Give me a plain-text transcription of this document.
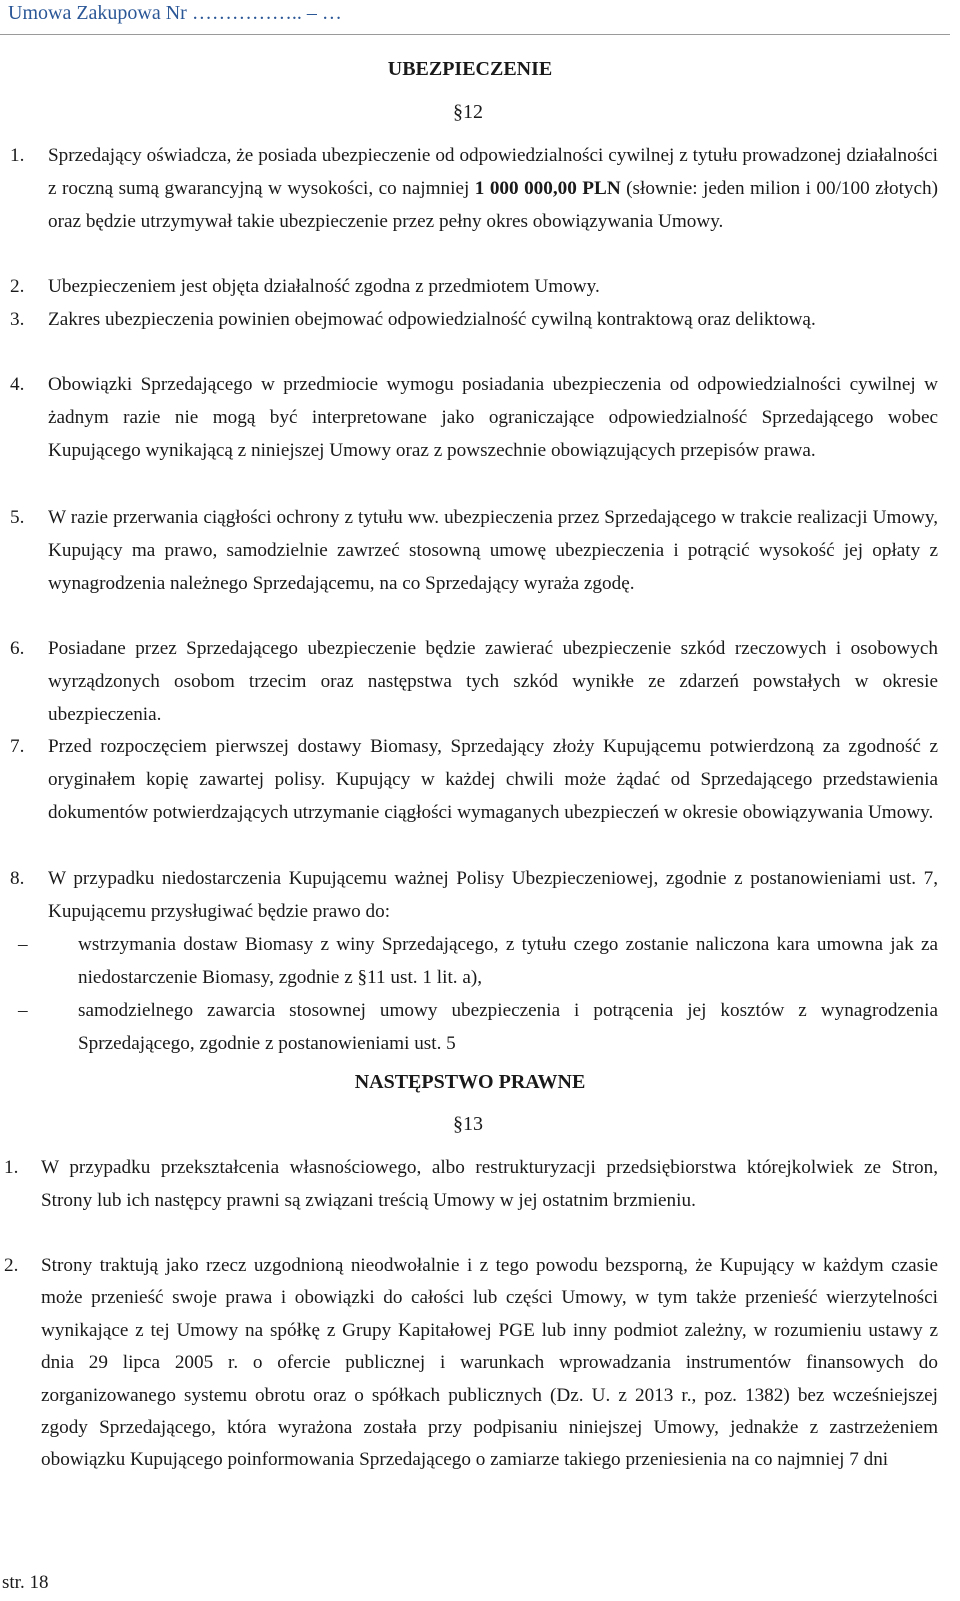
Umowa Zakupowa Nr …………….. – …
UBEZPIECZENIE
§12
1. Sprzedający oświadcza, że posiada ubezpieczenie od odpowiedzialności cywilnej z tytułu prowadzonej działalności z roczną sumą gwarancyjną w wysokości, co najmniej 1 000 000,00 PLN (słownie: jeden milion i 00/100 złotych) oraz będzie utrzymywał takie ubezpieczenie przez pełny okres obowiązywania Umowy.
2. Ubezpieczeniem jest objęta działalność zgodna z przedmiotem Umowy.
3. Zakres ubezpieczenia powinien obejmować odpowiedzialność cywilną kontraktową oraz deliktową.
4. Obowiązki Sprzedającego w przedmiocie wymogu posiadania ubezpieczenia od odpowiedzialności cywilnej w żadnym razie nie mogą być interpretowane jako ograniczające odpowiedzialność Sprzedającego wobec Kupującego wynikającą z niniejszej Umowy oraz z powszechnie obowiązujących przepisów prawa.
5. W razie przerwania ciągłości ochrony z tytułu ww. ubezpieczenia przez Sprzedającego w trakcie realizacji Umowy, Kupujący ma prawo, samodzielnie zawrzeć stosowną umowę ubezpieczenia i potrącić wysokość jej opłaty z wynagrodzenia należnego Sprzedającemu, na co Sprzedający wyraża zgodę.
6. Posiadane przez Sprzedającego ubezpieczenie będzie zawierać ubezpieczenie szkód rzeczowych i osobowych wyrządzonych osobom trzecim oraz następstwa tych szkód wynikłe ze zdarzeń powstałych w okresie ubezpieczenia.
7. Przed rozpoczęciem pierwszej dostawy Biomasy, Sprzedający złoży Kupującemu potwierdzoną za zgodność z oryginałem kopię zawartej polisy. Kupujący w każdej chwili może żądać od Sprzedającego przedstawienia dokumentów potwierdzających utrzymanie ciągłości wymaganych ubezpieczeń w okresie obowiązywania Umowy.
8. W przypadku niedostarczenia Kupującemu ważnej Polisy Ubezpieczeniowej, zgodnie z postanowieniami ust. 7, Kupującemu przysługiwać będzie prawo do:
–	wstrzymania dostaw Biomasy z winy Sprzedającego, z tytułu czego zostanie naliczona kara umowna jak za niedostarczenie Biomasy, zgodnie z §11 ust. 1 lit. a),
–	samodzielnego zawarcia stosownej umowy ubezpieczenia i potrącenia jej kosztów z wynagrodzenia Sprzedającego, zgodnie z postanowieniami ust. 5
NASTĘPSTWO PRAWNE
§13
1. W przypadku przekształcenia własnościowego, albo restrukturyzacji przedsiębiorstwa którejkolwiek ze Stron, Strony lub ich następcy prawni są związani treścią Umowy w jej ostatnim brzmieniu.
2. Strony traktują jako rzecz uzgodnioną nieodwołalnie i z tego powodu bezsporną, że Kupujący w każdym czasie może przenieść swoje prawa i obowiązki do całości lub części Umowy, w tym także przenieść wierzytelności wynikające z tej Umowy na spółkę z Grupy Kapitałowej PGE lub inny podmiot zależny, w rozumieniu ustawy z dnia 29 lipca 2005 r. o ofercie publicznej i warunkach wprowadzania instrumentów finansowych do zorganizowanego systemu obrotu oraz o spółkach publicznych (Dz. U. z 2013 r., poz. 1382) bez wcześniejszej zgody Sprzedającego, która wyrażona została przy podpisaniu niniejszej Umowy, jednakże z zastrzeżeniem obowiązku Kupującego poinformowania Sprzedającego o zamiarze takiego przeniesienia na co najmniej 7 dni
str. 18
